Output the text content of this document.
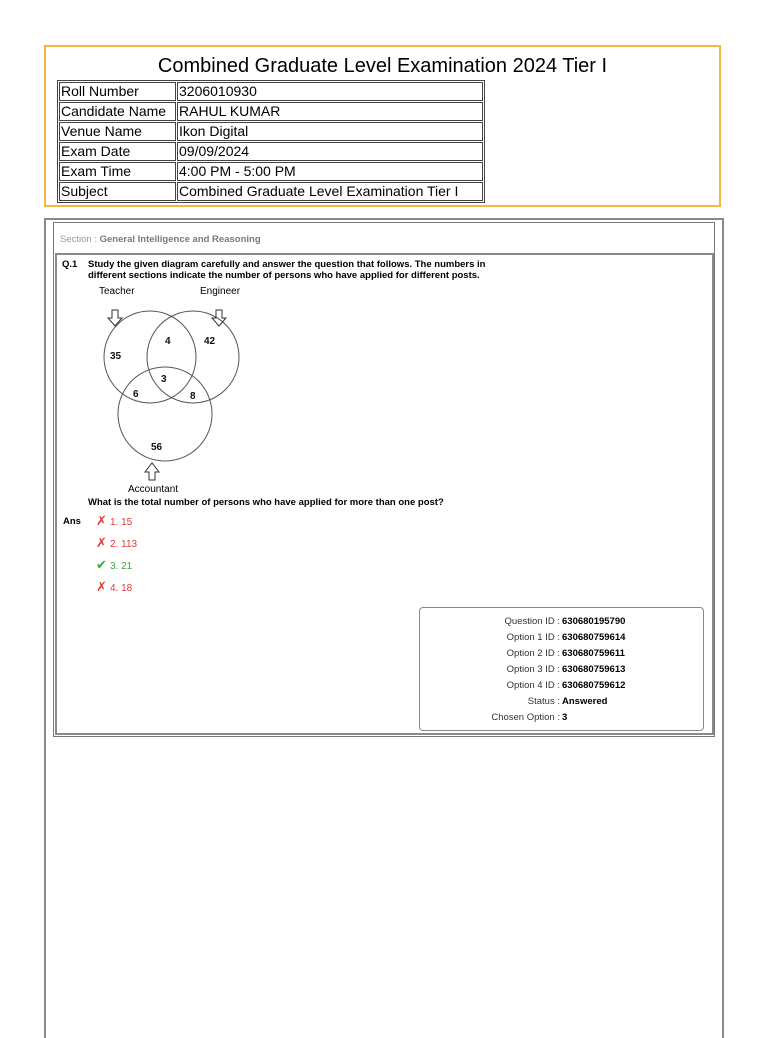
Combined Graduate Level Examination 2024 Tier I
Roll Number	3206010930
Candidate Name	RAHUL KUMAR
Venue Name	Ikon Digital
Exam Date	09/09/2024
Exam Time	4:00 PM - 5:00 PM
Subject	Combined Graduate Level Examination Tier I
Section : General Intelligence and Reasoning
Q.1 Study the given diagram carefully and answer the question that follows. The numbers in different sections indicate the number of persons who have applied for different posts.
Teacher	Engineer
Accountant
35
4	42
3
6	8
56
What is the total number of persons who have applied for more than one post?
Ans ✗ 1. 15
✗ 2. 113
✔ 3. 21
✗ 4. 18
Question ID : 630680195790
Option 1 ID : 630680759614
Option 2 ID : 630680759611
Option 3 ID : 630680759613
Option 4 ID : 630680759612
Status : Answered
Chosen Option : 3
